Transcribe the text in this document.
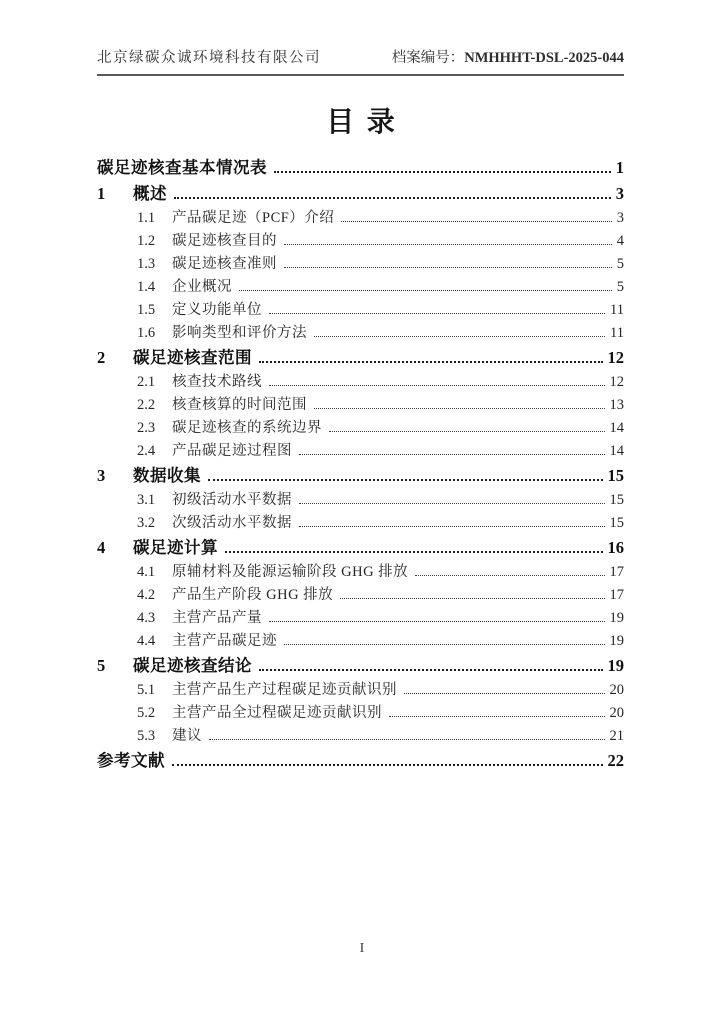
北京绿碳众诚环境科技有限公司	档案编号：NMHHHT-DSL-2025-044
目录
碳足迹核查基本情况表	1
1	概述	3
1.1	产品碳足迹（PCF）介绍	3
1.2	碳足迹核查目的	4
1.3	碳足迹核查准则	5
1.4	企业概况	5
1.5	定义功能单位	11
1.6	影响类型和评价方法	11
2	碳足迹核查范围	12
2.1	核查技术路线	12
2.2	核查核算的时间范围	13
2.3	碳足迹核查的系统边界	14
2.4	产品碳足迹过程图	14
3	数据收集	15
3.1	初级活动水平数据	15
3.2	次级活动水平数据	15
4	碳足迹计算	16
4.1	原辅材料及能源运输阶段 GHG 排放	17
4.2	产品生产阶段 GHG 排放	17
4.3	主营产品产量	19
4.4	主营产品碳足迹	19
5	碳足迹核查结论	19
5.1	主营产品生产过程碳足迹贡献识别	20
5.2	主营产品全过程碳足迹贡献识别	20
5.3	建议	21
参考文献	22
I
